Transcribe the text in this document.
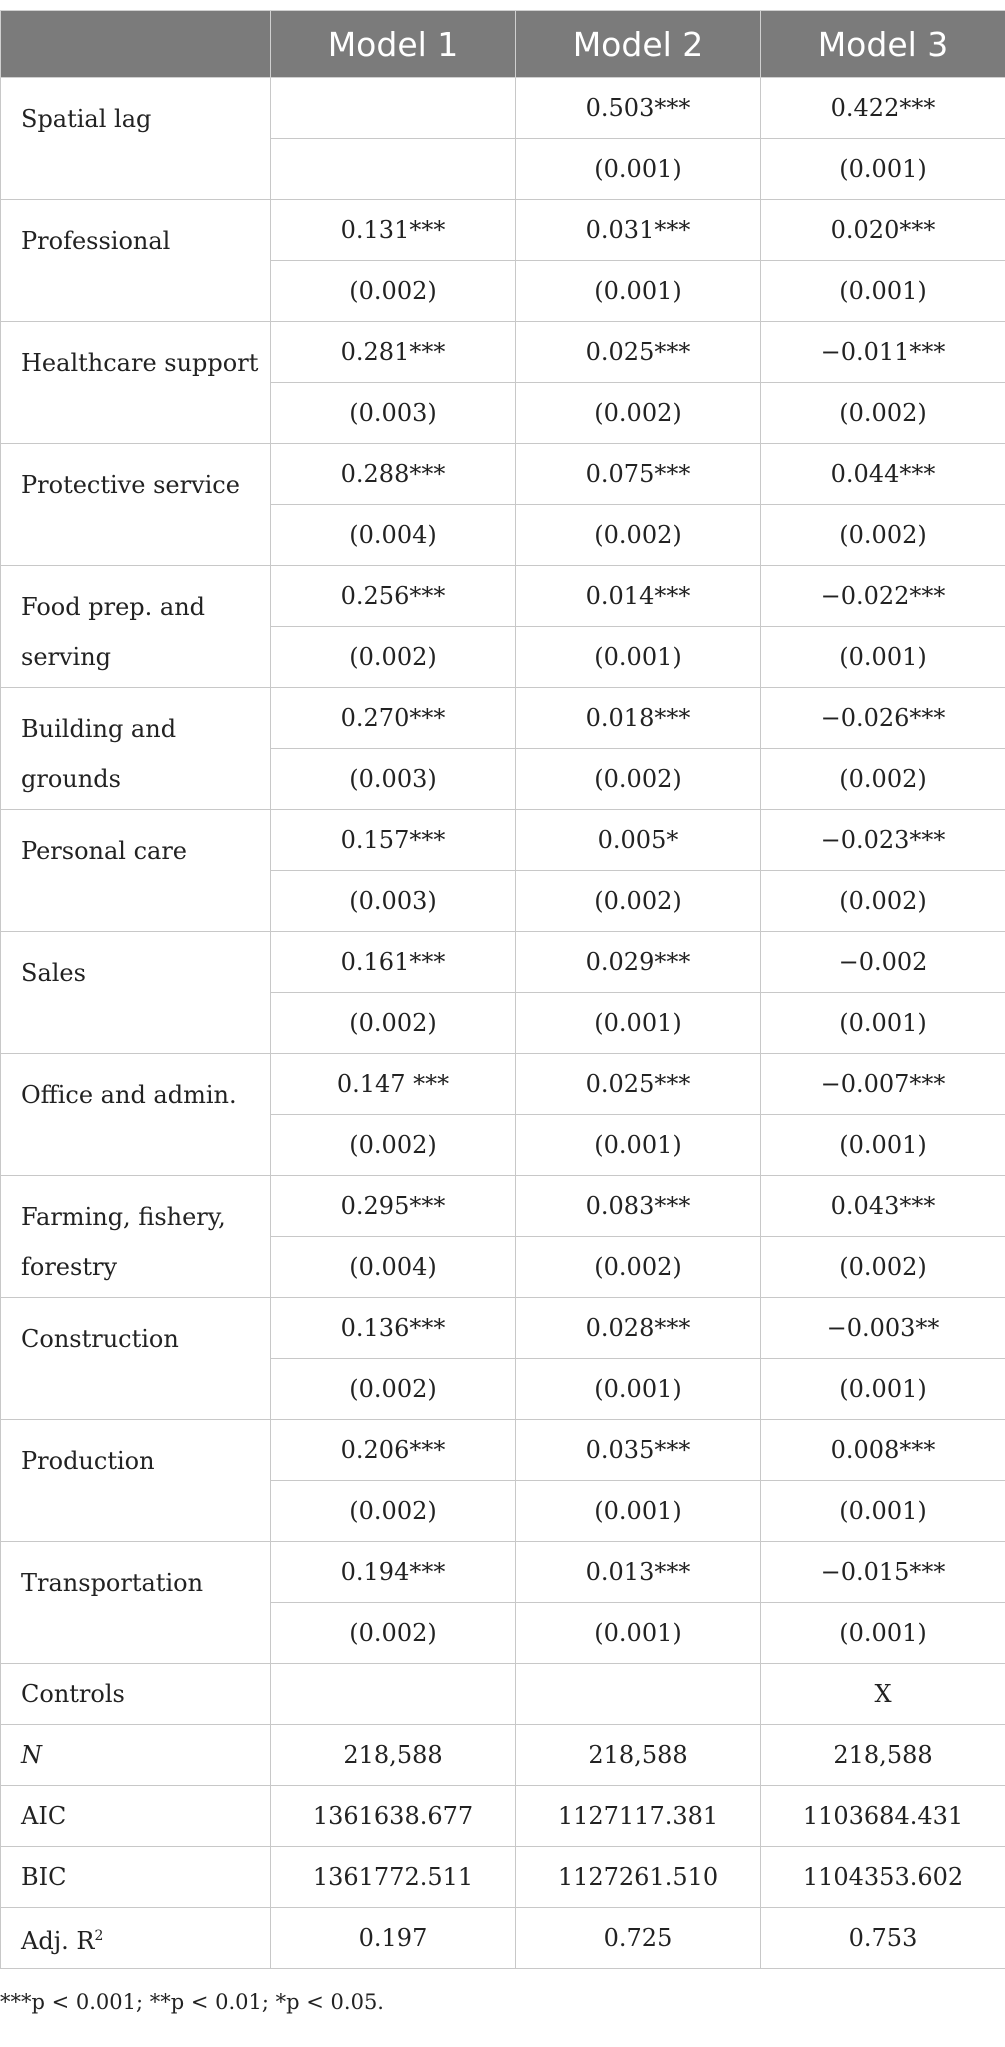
	Model 1	Model 2	Model 3
Spatial lag		0.503***	0.422***
		(0.001)	(0.001)
Professional	0.131***	0.031***	0.020***
	(0.002)	(0.001)	(0.001)
Healthcare support	0.281***	0.025***	−0.011***
	(0.003)	(0.002)	(0.002)
Protective service	0.288***	0.075***	0.044***
	(0.004)	(0.002)	(0.002)
Food prep. and serving	0.256***	0.014***	−0.022***
	(0.002)	(0.001)	(0.001)
Building and grounds	0.270***	0.018***	−0.026***
	(0.003)	(0.002)	(0.002)
Personal care	0.157***	0.005*	−0.023***
	(0.003)	(0.002)	(0.002)
Sales	0.161***	0.029***	−0.002
	(0.002)	(0.001)	(0.001)
Office and admin.	0.147 ***	0.025***	−0.007***
	(0.002)	(0.001)	(0.001)
Farming, fishery, forestry	0.295***	0.083***	0.043***
	(0.004)	(0.002)	(0.002)
Construction	0.136***	0.028***	−0.003**
	(0.002)	(0.001)	(0.001)
Production	0.206***	0.035***	0.008***
	(0.002)	(0.001)	(0.001)
Transportation	0.194***	0.013***	−0.015***
	(0.002)	(0.001)	(0.001)
Controls			X
N	218,588	218,588	218,588
AIC	1361638.677	1127117.381	1103684.431
BIC	1361772.511	1127261.510	1104353.602
Adj. $R^2$	0.197	0.725	0.753
***p < 0.001; **p < 0.01; *p < 0.05.
